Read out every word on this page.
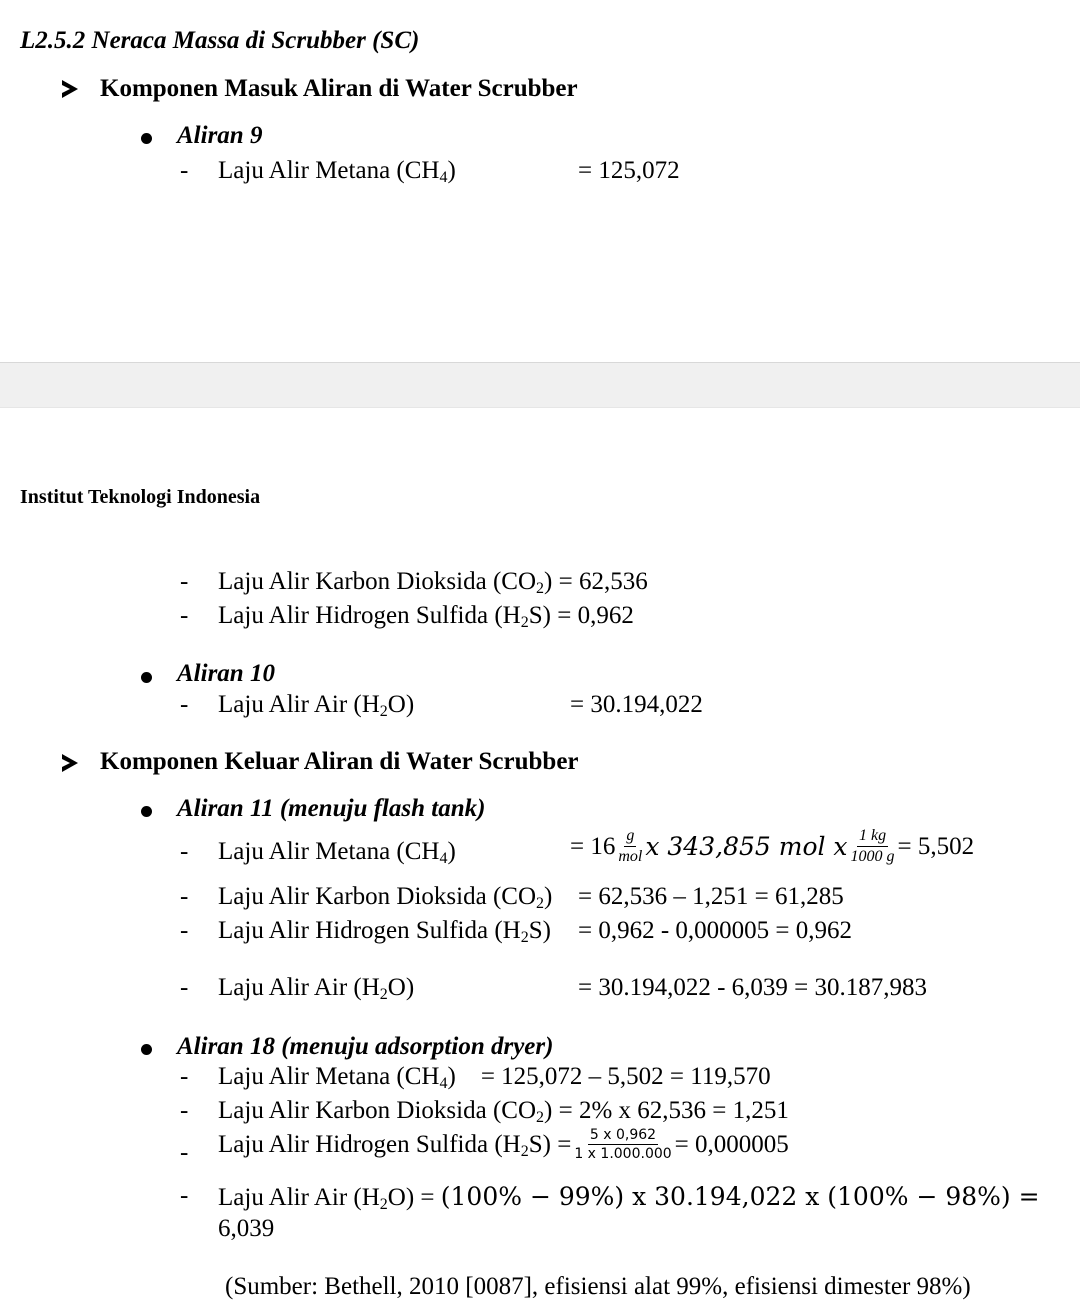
L2.5.2 Neraca Massa di Scrubber (SC)
Komponen Masuk Aliran di Water Scrubber
Aliran 9
- Laju Alir Metana $(CH_4)$	= 125,072
Institut Teknologi Indonesia
- Laju Alir Karbon Dioksida $(CO_2) = 62,536$
- Laju Alir Hidrogen Sulfida $(H_2S) = 0,962$
Aliran 10
- Laju Alir Air $(H_2O)$	= 30.194,022
Komponen Keluar Aliran di Water Scrubber
Aliran 11 (menuju flash tank)
- Laju Alir Metana $(CH_4)$	= $16 \frac{g}{\text{mol}}$ x 343,855 mol x $\frac{1 kg}{1000 g} = 5,502$
- Laju Alir Karbon Dioksida $(CO_2) = 62,536 - 1,251 = 61,285$
- Laju Alir Hidrogen Sulfida $(H_2S) = 0,962 - 0,000005 = 0,962$
- Laju Alir Air $(H_2O)$	= 30.194,022 - 6,039 = 30.187,983
Aliran 18 (menuju adsorption dryer)
- Laju Alir Metana $(CH_4)$    = 125,072 – 5,502 = 119,570
- Laju Alir Karbon Dioksida $(CO_2) = 2\%$ x 62,536 = 1,251
- Laju Alir Hidrogen Sulfida $(H_2S) = \frac{5 x 0,962}{1 x 1.000.000} = 0,000005$
- Laju Alir Air $(H_2O) = (100\% - 99\%)$ x 30.194,022 x (100% − 98%) =
6,039
(Sumber: Bethell, 2010 [0087], efisiensi alat 99%, efisiensi dimester 98%)
